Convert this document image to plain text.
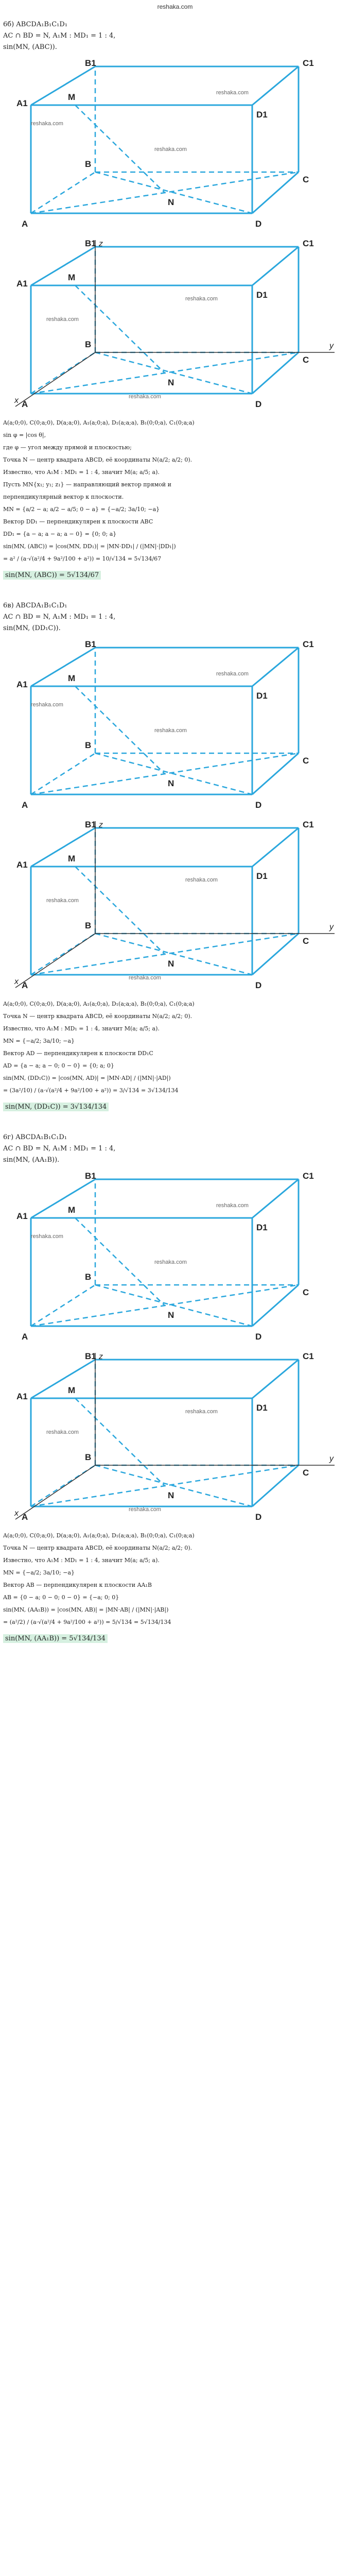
reshaka.com
6б) ABCDA₁B₁C₁D₁
AC ∩ BD = N, A₁M : MD₁ = 1 : 4,
sin(MN, (ABC)).
A	D
B
C
A1
D1
B1	C1
M
N
reshaka.com
reshaka.com
reshaka.com
z
y
x A	D
B
C
A1
D1
B1	C1
M
N
reshaka.com
reshaka.com
reshaka.com
A(a;0;0), C(0;a;0), D(a;a;0), A₁(a;0;a), D₁(a;a;a), B₁(0;0;a), C₁(0;a;a)
sin φ = |cos θ|,
где φ — угол между прямой и плоскостью;
Точка N — центр квадрата ABCD, её координаты N(a/2; a/2; 0).
Известно, что A₁M : MD₁ = 1 : 4, значит M(a; a/5; a).
Пусть MN{x₁; y₁; z₁} — направляющий вектор прямой и
перпендикулярный вектор к плоскости.
MN = {a/2 − a; a/2 − a/5; 0 − a} = {−a/2; 3a/10; −a}
Вектор DD₁ — перпендикулярен к плоскости ABC
DD₁ = {a − a; a − a; a − 0} = {0; 0; a}
sin(MN, (ABC)) = |cos(MN, DD₁)| = |MN·DD₁| / (|MN|·|DD₁|)
= a² / (a·√(a²/4 + 9a²/100 + a²)) = 10/√134 = 5√134/67
sin(MN, (ABC)) = 5√134/67
6в) ABCDA₁B₁C₁D₁
AC ∩ BD = N, A₁M : MD₁ = 1 : 4,
sin(MN, (DD₁C)).
A	D
B
C
A1
D1
B1	C1
M
N
reshaka.com
reshaka.com
reshaka.com
z
y
x A	D
B
C
A1
D1
B1	C1
M
N
reshaka.com
reshaka.com
reshaka.com
A(a;0;0), C(0;a;0), D(a;a;0), A₁(a;0;a), D₁(a;a;a), B₁(0;0;a), C₁(0;a;a)
Точка N — центр квадрата ABCD, её координаты N(a/2; a/2; 0).
Известно, что A₁M : MD₁ = 1 : 4, значит M(a; a/5; a).
MN = {−a/2; 3a/10; −a}
Вектор AD — перпендикулярен к плоскости DD₁C
AD = {a − a; a − 0; 0 − 0} = {0; a; 0}
sin(MN, (DD₁C)) = |cos(MN, AD)| = |MN·AD| / (|MN|·|AD|)
= (3a²/10) / (a·√(a²/4 + 9a²/100 + a²)) = 3/√134 = 3√134/134
sin(MN, (DD₁C)) = 3√134/134
6г) ABCDA₁B₁C₁D₁
AC ∩ BD = N, A₁M : MD₁ = 1 : 4,
sin(MN, (AA₁B)).
A	D
B
C
A1
D1
B1	C1
M
N
reshaka.com
reshaka.com
reshaka.com
z
y
x A	D
B
C
A1
D1
B1	C1
M
N
reshaka.com
reshaka.com
reshaka.com
A(a;0;0), C(0;a;0), D(a;a;0), A₁(a;0;a), D₁(a;a;a), B₁(0;0;a), C₁(0;a;a)
Точка N — центр квадрата ABCD, её координаты N(a/2; a/2; 0).
Известно, что A₁M : MD₁ = 1 : 4, значит M(a; a/5; a).
MN = {−a/2; 3a/10; −a}
Вектор AB — перпендикулярен к плоскости AA₁B
AB = {0 − a; 0 − 0; 0 − 0} = {−a; 0; 0}
sin(MN, (AA₁B)) = |cos(MN, AB)| = |MN·AB| / (|MN|·|AB|)
= (a²/2) / (a·√(a²/4 + 9a²/100 + a²)) = 5/√134 = 5√134/134
sin(MN, (AA₁B)) = 5√134/134
